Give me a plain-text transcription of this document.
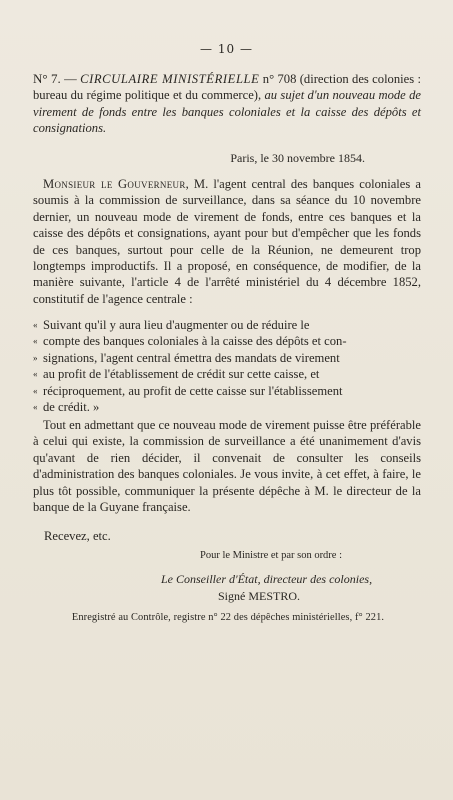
— 10 —
N° 7. — CIRCULAIRE MINISTÉRIELLE n° 708 (direction des colonies : bureau du régime politique et du commerce), au sujet d'un nouveau mode de virement de fonds entre les banques coloniales et la caisse des dépôts et consignations.
Paris, le 30 novembre 1854.
Monsieur le Gouverneur, M. l'agent central des banques coloniales a soumis à la commission de surveillance, dans sa séance du 10 novembre dernier, un nouveau mode de virement de fonds, entre ces banques et la caisse des dépôts et consignations, ayant pour but d'empêcher que les fonds de ces banques, surtout pour celle de la Réunion, ne demeurent trop longtemps improductifs. Il a proposé, en conséquence, de modifier, de la manière suivante, l'article 4 de l'arrêté ministériel du 4 décembre 1852, constitutif de l'agence centrale :
« Suivant qu'il y aura lieu d'augmenter ou de réduire le
« compte des banques coloniales à la caisse des dépôts et con-
» signations, l'agent central émettra des mandats de virement
« au profit de l'établissement de crédit sur cette caisse, et
« réciproquement, au profit de cette caisse sur l'établissement
« de crédit. »
Tout en admettant que ce nouveau mode de virement puisse être préférable à celui qui existe, la commission de surveillance a été unanimement d'avis qu'avant de rien décider, il convenait de consulter les conseils d'administration des banques coloniales. Je vous invite, à cet effet, à faire, le plus tôt possible, communiquer la présente dépêche à M. le directeur de la banque de la Guyane française.
Recevez, etc.
Pour le Ministre et par son ordre :
Le Conseiller d'État, directeur des colonies,
Signé MESTRO.
Enregistré au Contrôle, registre n° 22 des dépêches ministérielles, f° 221.
